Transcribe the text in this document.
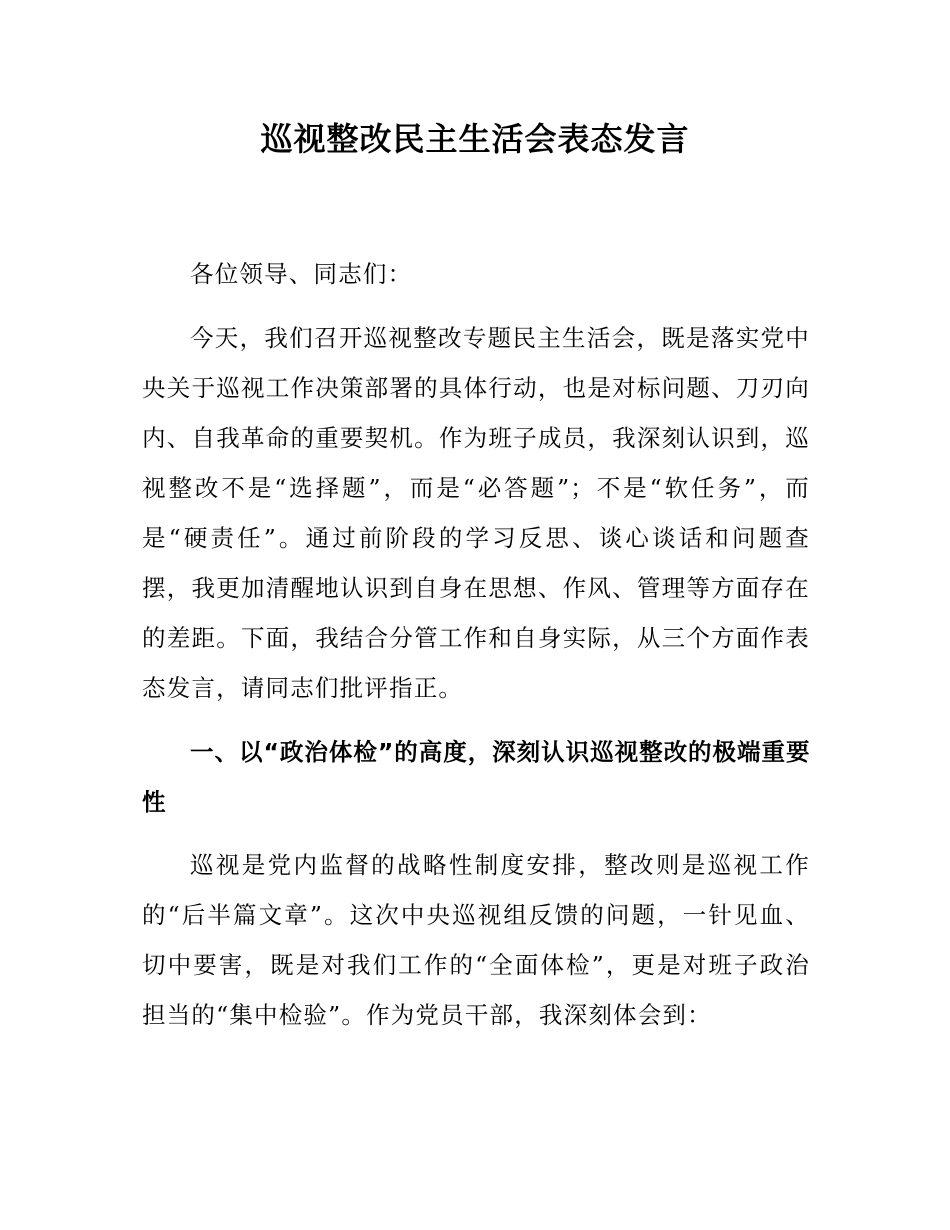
巡视整改民主生活会表态发言
各位领导、同志们：
今天，我们召开巡视整改专题民主生活会，既是落实党中央关于巡视工作决策部署的具体行动，也是对标问题、刀刃向内、自我革命的重要契机。作为班子成员，我深刻认识到，巡视整改不是“选择题”，而是“必答题”；不是“软任务”，而是“硬责任”。通过前阶段的学习反思、谈心谈话和问题查摆，我更加清醒地认识到自身在思想、作风、管理等方面存在的差距。下面，我结合分管工作和自身实际，从三个方面作表态发言，请同志们批评指正。
一、以“政治体检”的高度，深刻认识巡视整改的极端重要性
巡视是党内监督的战略性制度安排，整改则是巡视工作的“后半篇文章”。这次中央巡视组反馈的问题，一针见血、切中要害，既是对我们工作的“全面体检”，更是对班子政治担当的“集中检验”。作为党员干部，我深刻体会到：
